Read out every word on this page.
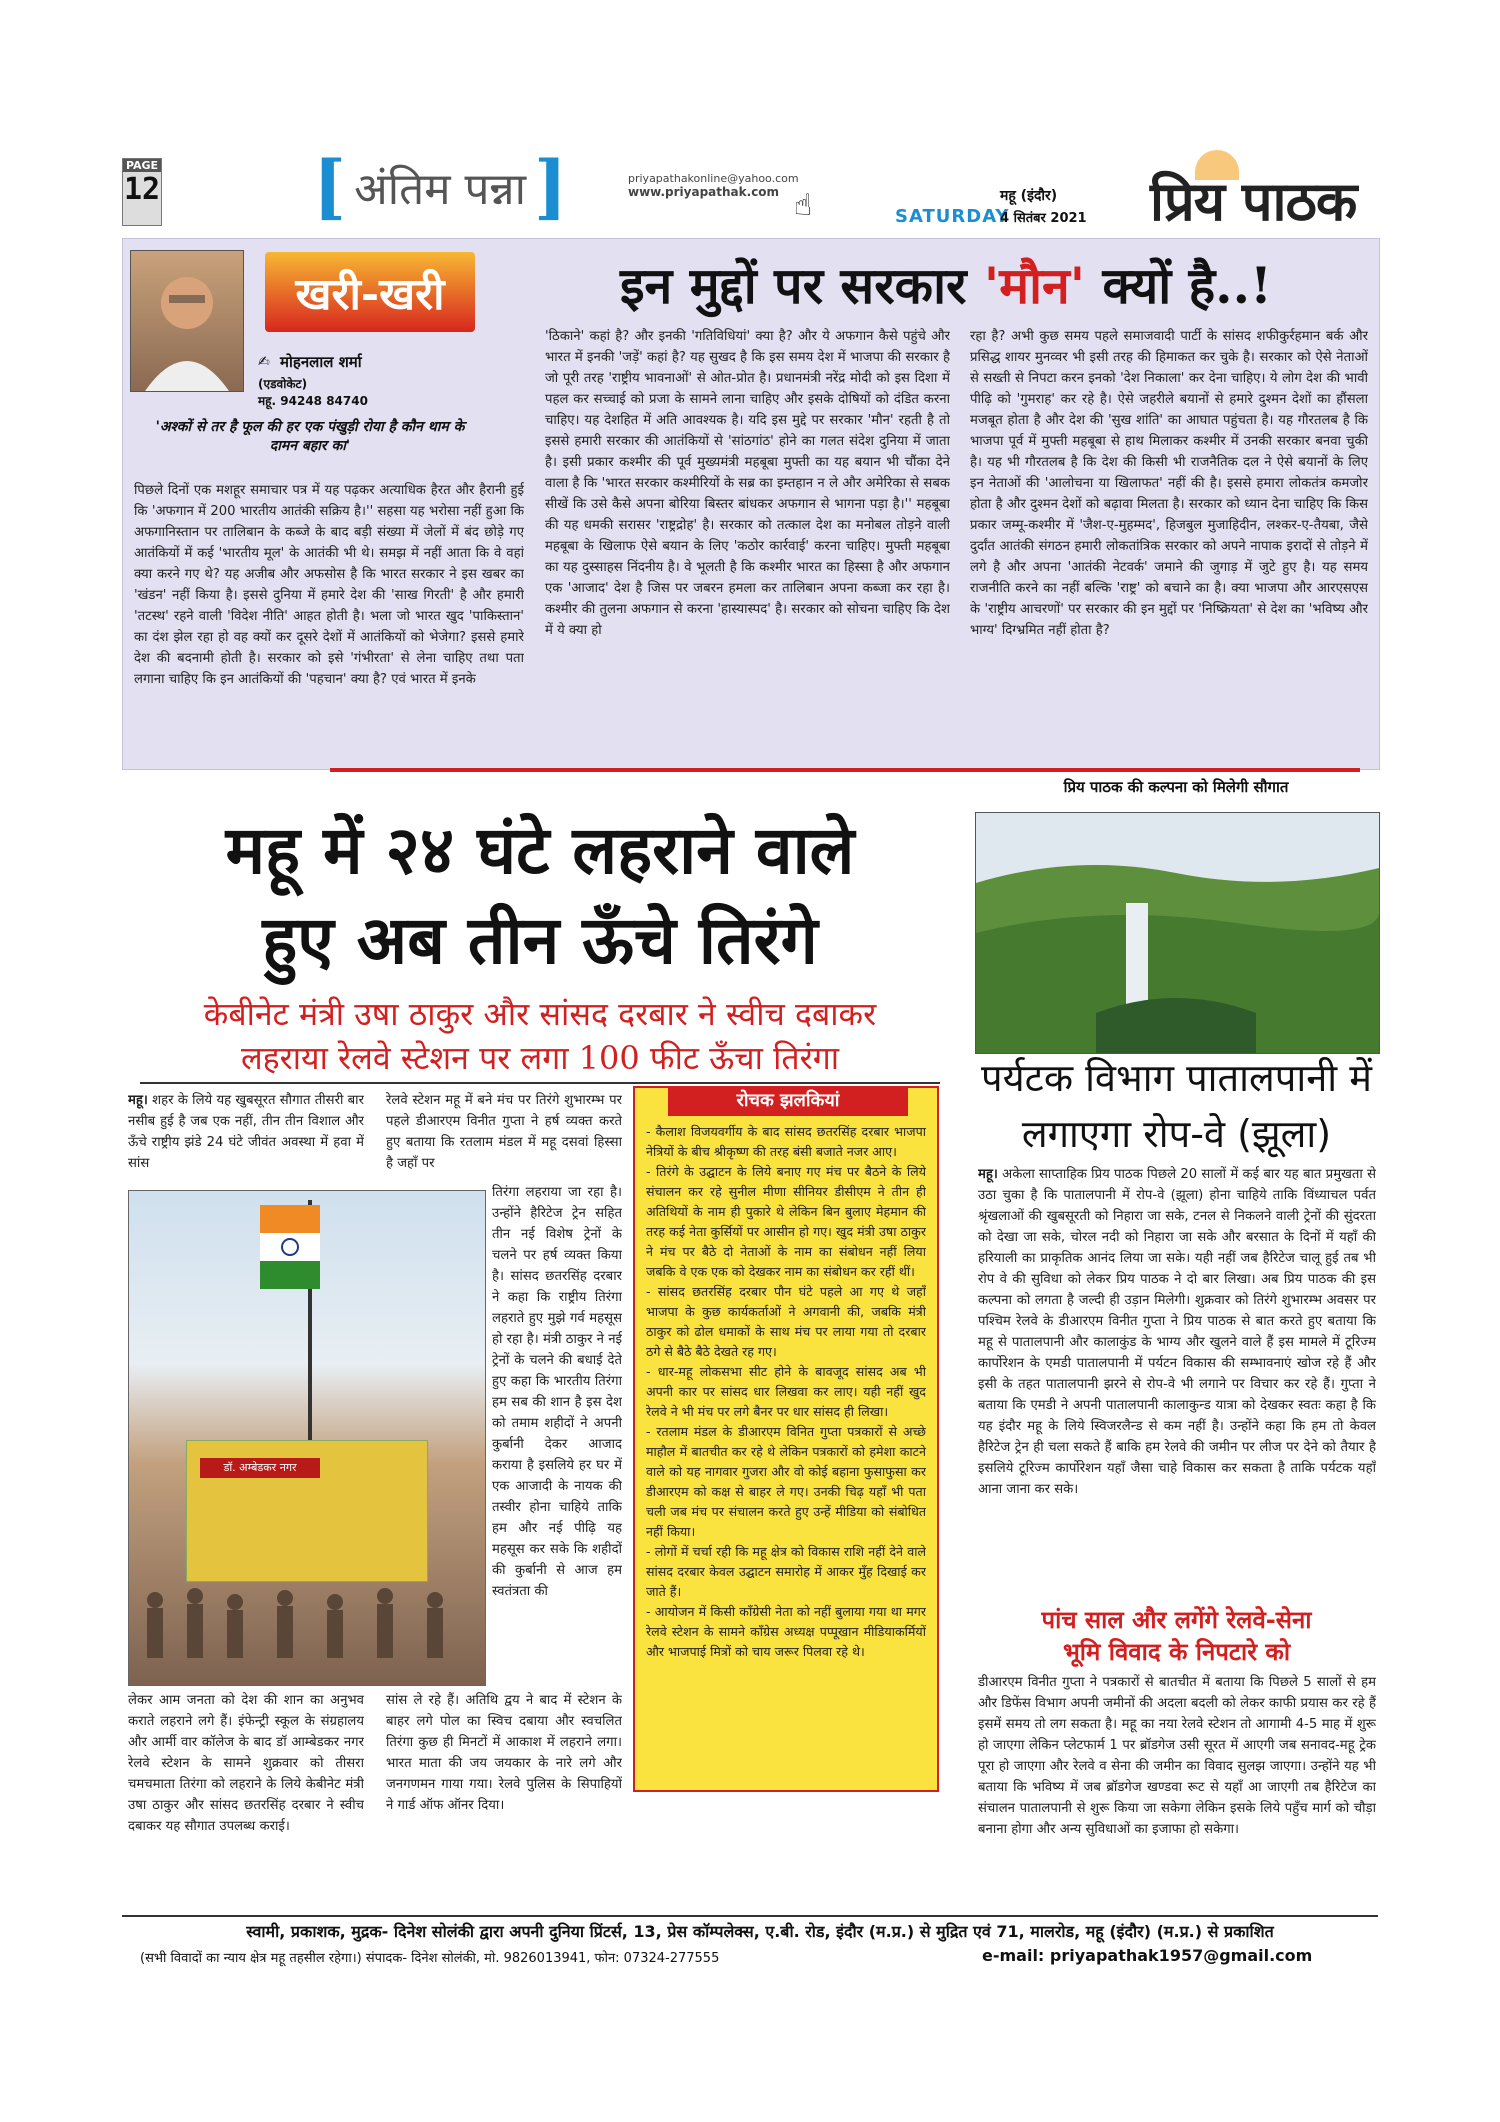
PAGE
12 [ अंतिम पन्ना ]	priyapathakonline@yahoo.com
www.priyapathak.com ☝	SATURDAY
महू (इंदौर)
4 सितंबर 2021 प्रिय पाठक
खरी-खरी
✍ मोहनलाल शर्मा
(एडवोकेट)
महू. 94248 84740
'अश्कों से तर है फूल की हर एक पंखुड़ी रोया है कौन थाम के दामन बहार का'
इन मुद्दों पर सरकार 'मौन' क्यों है..!
पिछले दिनों एक मशहूर समाचार पत्र में यह पढ़कर अत्याधिक हैरत और हैरानी हुई कि 'अफगान में 200 भारतीय आतंकी सक्रिय है।'' सहसा यह भरोसा नहीं हुआ कि अफगानिस्तान पर तालिबान के कब्जे के बाद बड़ी संख्या में जेलों में बंद छोड़े गए आतंकियों में कई 'भारतीय मूल' के आतंकी भी थे। समझ में नहीं आता कि वे वहां क्या करने गए थे? यह अजीब और अफसोस है कि भारत सरकार ने इस खबर का 'खंडन' नहीं किया है। इससे दुनिया में हमारे देश की 'साख गिरती' है और हमारी 'तटस्थ' रहने वाली 'विदेश नीति' आहत होती है। भला जो भारत खुद 'पाकिस्तान' का दंश झेल रहा हो वह क्यों कर दूसरे देशों में आतंकियों को भेजेगा? इससे हमारे देश की बदनामी होती है। सरकार को इसे 'गंभीरता' से लेना चाहिए तथा पता लगाना चाहिए कि इन आतंकियों की 'पहचान' क्या है? एवं भारत में इनके
'ठिकाने' कहां है? और इनकी 'गतिविधियां' क्या है? और ये अफगान कैसे पहुंचे और भारत में इनकी 'जड़ें' कहां है? यह सुखद है कि इस समय देश में भाजपा की सरकार है जो पूरी तरह 'राष्ट्रीय भावनाओं' से ओत-प्रोत है। प्रधानमंत्री नरेंद्र मोदी को इस दिशा में पहल कर सच्चाई को प्रजा के सामने लाना चाहिए और इसके दोषियों को दंडित करना चाहिए। यह देशहित में अति आवश्यक है। यदि इस मुद्दे पर सरकार 'मौन' रहती है तो इससे हमारी सरकार की आतंकियों से 'सांठगांठ' होने का गलत संदेश दुनिया में जाता है। इसी प्रकार कश्मीर की पूर्व मुख्यमंत्री महबूबा मुफ्ती का यह बयान भी चौंका देने वाला है कि 'भारत सरकार कश्मीरियों के सब्र का इम्तहान न ले और अमेरिका से सबक सीखें कि उसे कैसे अपना बोरिया बिस्तर बांधकर अफगान से भागना पड़ा है।'' महबूबा की यह धमकी सरासर 'राष्ट्रद्रोह' है। सरकार को तत्काल देश का मनोबल तोड़ने वाली महबूबा के खिलाफ ऐसे बयान के लिए 'कठोर कार्रवाई' करना चाहिए। मुफ्ती महबूबा का यह दुस्साहस निंदनीय है। वे भूलती है कि कश्मीर भारत का हिस्सा है और अफगान एक 'आजाद' देश है जिस पर जबरन हमला कर तालिबान अपना कब्जा कर रहा है। कश्मीर की तुलना अफगान से करना 'हास्यास्पद' है। सरकार को सोचना चाहिए कि देश में ये क्या हो
रहा है? अभी कुछ समय पहले समाजवादी पार्टी के सांसद शफीकुर्रहमान बर्क और प्रसिद्ध शायर मुनव्वर भी इसी तरह की हिमाकत कर चुके है। सरकार को ऐसे नेताओं से सख्ती से निपटा करन इनको 'देश निकाला' कर देना चाहिए। ये लोग देश की भावी पीढ़ि को 'गुमराह' कर रहे है। ऐसे जहरीले बयानों से हमारे दुश्मन देशों का हौंसला मजबूत होता है और देश की 'सुख शांति' का आघात पहुंचता है। यह गौरतलब है कि भाजपा पूर्व में मुफ्ती महबूबा से हाथ मिलाकर कश्मीर में उनकी सरकार बनवा चुकी है। यह भी गौरतलब है कि देश की किसी भी राजनैतिक दल ने ऐसे बयानों के लिए इन नेताओं की 'आलोचना या खिलाफत' नहीं की है। इससे हमारा लोकतंत्र कमजोर होता है और दुश्मन देशों को बढ़ावा मिलता है। सरकार को ध्यान देना चाहिए कि किस प्रकार जम्मू-कश्मीर में 'जैश-ए-मुहम्मद', हिजबुल मुजाहिदीन, लश्कर-ए-तैयबा, जैसे दुर्दांत आतंकी संगठन हमारी लोकतांत्रिक सरकार को अपने नापाक इरादों से तोड़ने में लगे है और अपना 'आतंकी नेटवर्क' जमाने की जुगाड़ में जुटे हुए है। यह समय राजनीति करने का नहीं बल्कि 'राष्ट्र' को बचाने का है। क्या भाजपा और आरएसएस के 'राष्ट्रीय आचरणों' पर सरकार की इन मुद्दों पर 'निष्क्रियता' से देश का 'भविष्य और भाग्य' दिग्भ्रमित नहीं होता है?
महू में २४ घंटे लहराने वाले
हुए अब तीन ऊँचे तिरंगे
केबीनेट मंत्री उषा ठाकुर और सांसद दरबार ने स्वीच दबाकर
लहराया रेलवे स्टेशन पर लगा 100 फीट ऊँचा तिरंगा
महू। शहर के लिये यह खुबसूरत सौगात तीसरी बार नसीब हुई है जब एक नहीं, तीन तीन विशाल और ऊँचे राष्ट्रीय झंडे 24 घंटे जीवंत अवस्था में हवा में सांस
रेलवे स्टेशन महू में बने मंच पर तिरंगे शुभारम्भ पर पहले डीआरएम विनीत गुप्ता ने हर्ष व्यक्त करते हुए बताया कि रतलाम मंडल में महू दसवां हिस्सा है जहाँ पर
तिरंगा लहराया जा रहा है। उन्होंने हैरिटेज ट्रेन सहित तीन नई विशेष ट्रेनों के चलने पर हर्ष व्यक्त किया है। सांसद छतरसिंह दरबार ने कहा कि राष्ट्रीय तिरंगा लहराते हुए मुझे गर्व महसूस हो रहा है। मंत्री ठाकुर ने नई ट्रेनों के चलने की बधाई देते हुए कहा कि भारतीय तिरंगा हम सब की शान है इस देश को तमाम शहीदों ने अपनी कुर्बानी देकर आजाद कराया है इसलिये हर घर में एक आजादी के नायक की तस्वीर होना चाहिये ताकि हम और नई पीढ़ि यह महसूस कर सके कि शहीदों की कुर्बानी से आज हम स्वतंत्रता की
डॉ. अम्बेडकर नगर
लेकर आम जनता को देश की शान का अनुभव कराते लहराने लगे हैं। इंफेन्ट्री स्कूल के संग्रहालय और आर्मी वार कॉलेज के बाद डॉ आम्बेडकर नगर रेलवे स्टेशन के सामने शुक्रवार को तीसरा चमचमाता तिरंगा को लहराने के लिये केबीनेट मंत्री उषा ठाकुर और सांसद छतरसिंह दरबार ने स्वीच दबाकर यह सौगात उपलब्ध कराई।
सांस ले रहे हैं। अतिथि द्वय ने बाद में स्टेशन के बाहर लगे पोल का स्विच दबाया और स्वचलित तिरंगा कुछ ही मिनटों में आकाश में लहराने लगा। भारत माता की जय जयकार के नारे लगे और जनगणमन गाया गया। रेलवे पुलिस के सिपाहियों ने गार्ड ऑफ ऑनर दिया।
रोचक झलकियां
- कैलाश विजयवर्गीय के बाद सांसद छतरसिंह दरबार भाजपा नेत्रियों के बीच श्रीकृष्ण की तरह बंसी बजाते नजर आए।
- तिरंगे के उद्घाटन के लिये बनाए गए मंच पर बैठने के लिये संचालन कर रहे सुनील मीणा सीनियर डीसीएम ने तीन ही अतिथियों के नाम ही पुकारे थे लेकिन बिन बुलाए मेहमान की तरह कई नेता कुर्सियों पर आसीन हो गए। खुद मंत्री उषा ठाकुर ने मंच पर बैठे दो नेताओं के नाम का संबोधन नहीं लिया जबकि वे एक एक को देखकर नाम का संबोधन कर रहीं थीं।
- सांसद छतरसिंह दरबार पौन घंटे पहले आ गए थे जहाँ भाजपा के कुछ कार्यकर्ताओं ने अगवानी की, जबकि मंत्री ठाकुर को ढोल धमाकों के साथ मंच पर लाया गया तो दरबार ठगे से बैठे बैठे देखते रह गए।
- धार-महू लोकसभा सीट होने के बावजूद सांसद अब भी अपनी कार पर सांसद धार लिखवा कर लाए। यही नहीं खुद रेलवे ने भी मंच पर लगे बैनर पर धार सांसद ही लिखा।
- रतलाम मंडल के डीआरएम विनित गुप्ता पत्रकारों से अच्छे माहौल में बातचीत कर रहे थे लेकिन पत्रकारों को हमेशा काटने वाले को यह नागवार गुजरा और वो कोई बहाना फुसाफुसा कर डीआरएम को कक्ष से बाहर ले गए। उनकी चिढ़ यहाँ भी पता चली जब मंच पर संचालन करते हुए उन्हें मीडिया को संबोधित नहीं किया।
- लोगों में चर्चा रही कि महू क्षेत्र को विकास राशि नहीं देने वाले सांसद दरबार केवल उद्घाटन समारोह में आकर मुँह दिखाई कर जाते हैं।
- आयोजन में किसी कॉंग्रेसी नेता को नहीं बुलाया गया था मगर रेलवे स्टेशन के सामने कॉंग्रेस अध्यक्ष पप्पूखान मीडियाकर्मियों और भाजपाई मित्रों को चाय जरूर पिलवा रहे थे।
प्रिय पाठक की कल्पना को मिलेगी सौगात
पर्यटक विभाग पातालपानी में
लगाएगा रोप-वे (झूला)
महू। अकेला साप्ताहिक प्रिय पाठक पिछले 20 सालों में कई बार यह बात प्रमुखता से उठा चुका है कि पातालपानी में रोप-वे (झूला) होना चाहिये ताकि विंध्याचल पर्वत श्रृंखलाओं की खुबसूरती को निहारा जा सके, टनल से निकलने वाली ट्रेनों की सुंदरता को देखा जा सके, चोरल नदी को निहारा जा सके और बरसात के दिनों में यहाँ की हरियाली का प्राकृतिक आनंद लिया जा सके। यही नहीं जब हैरिटेज चालू हुई तब भी रोप वे की सुविधा को लेकर प्रिय पाठक ने दो बार लिखा। अब प्रिय पाठक की इस कल्पना को लगता है जल्दी ही उड़ान मिलेगी। शुक्रवार को तिरंगे शुभारम्भ अवसर पर पश्चिम रेलवे के डीआरएम विनीत गुप्ता ने प्रिय पाठक से बात करते हुए बताया कि महू से पातालपानी और कालाकुंड के भाग्य और खुलने वाले हैं इस मामले में टूरिज्म कार्पोरेशन के एमडी पातालपानी में पर्यटन विकास की सम्भावनाएं खोज रहे हैं और इसी के तहत पातालपानी झरने से रोप-वे भी लगाने पर विचार कर रहे हैं। गुप्ता ने बताया कि एमडी ने अपनी पातालपानी कालाकुन्ड यात्रा को देखकर स्वतः कहा है कि यह इंदौर महू के लिये स्विजरलैन्ड से कम नहीं है। उन्होंने कहा कि हम तो केवल हैरिटेज ट्रेन ही चला सकते हैं बाकि हम रेलवे की जमीन पर लीज पर देने को तैयार है इसलिये टूरिज्म कार्पोरेशन यहाँ जैसा चाहे विकास कर सकता है ताकि पर्यटक यहाँ आना जाना कर सके।
पांच साल और लगेंगे रेलवे-सेना
भूमि विवाद के निपटारे को
डीआरएम विनीत गुप्ता ने पत्रकारों से बातचीत में बताया कि पिछले 5 सालों से हम और डिफेंस विभाग अपनी जमीनों की अदला बदली को लेकर काफी प्रयास कर रहे हैं इसमें समय तो लग सकता है। महू का नया रेलवे स्टेशन तो आगामी 4-5 माह में शुरू हो जाएगा लेकिन प्लेटफार्म 1 पर ब्रॉडगेज उसी सूरत में आएगी जब सनावद-महू ट्रेक पूरा हो जाएगा और रेलवे व सेना की जमीन का विवाद सुलझ जाएगा। उन्होंने यह भी बताया कि भविष्य में जब ब्रॉडगेज खण्डवा रूट से यहाँ आ जाएगी तब हैरिटेज का संचालन पातालपानी से शुरू किया जा सकेगा लेकिन इसके लिये पहुँच मार्ग को चौड़ा बनाना होगा और अन्य सुविधाओं का इजाफा हो सकेगा।
स्वामी, प्रकाशक, मुद्रक- दिनेश सोलंकी द्वारा अपनी दुनिया प्रिंटर्स, 13, प्रेस कॉम्पलेक्स, ए.बी. रोड, इंदौर (म.प्र.) से मुद्रित एवं 71, मालरोड, महू (इंदौर) (म.प्र.) से प्रकाशित
(सभी विवादों का न्याय क्षेत्र महू तहसील रहेगा।) संपादक- दिनेश सोलंकी, मो. 9826013941, फोन: 07324-277555	e-mail: priyapathak1957@gmail.com
